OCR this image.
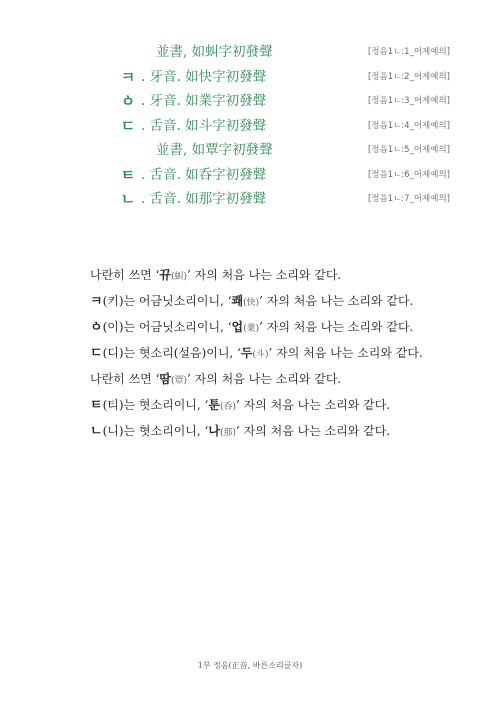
並書, 如虯字初發聲	[정음1ㄴ:1_어제예의]
ㅋ . 牙音. 如快字初發聲	[정음1ㄴ:2_어제예의]
ㆁ . 牙音. 如業字初發聲	[정음1ㄴ:3_어제예의]
ㄷ . 舌音. 如斗字初發聲	[정음1ㄴ:4_어제예의]
並書, 如覃字初發聲	[정음1ㄴ:5_어제예의]
ㅌ . 舌音. 如呑字初發聲	[정음1ㄴ:6_어제예의]
ㄴ . 舌音. 如那字初發聲	[정음1ㄴ:7_어제예의]
나란히 쓰면 ‘뀨(虯)’ 자의 처음 나는 소리와 같다.
ㅋ(키)는 어금닛소리이니, ‘쾌(快)’ 자의 처음 나는 소리와 같다.
ㆁ(이)는 어금닛소리이니, ‘업(業)’ 자의 처음 나는 소리와 같다.
ㄷ(디)는 혓소리(설음)이니, ‘두(斗)’ 자의 처음 나는 소리와 같다.
나란히 쓰면 ‘땀(覃)’ 자의 처음 나는 소리와 같다.
ㅌ(티)는 혓소리이니, ‘툰(呑)’ 자의 처음 나는 소리와 같다.
ㄴ(니)는 혓소리이니, ‘나(那)’ 자의 처음 나는 소리와 같다.
1부 정음(正音, 바른소리글자)
